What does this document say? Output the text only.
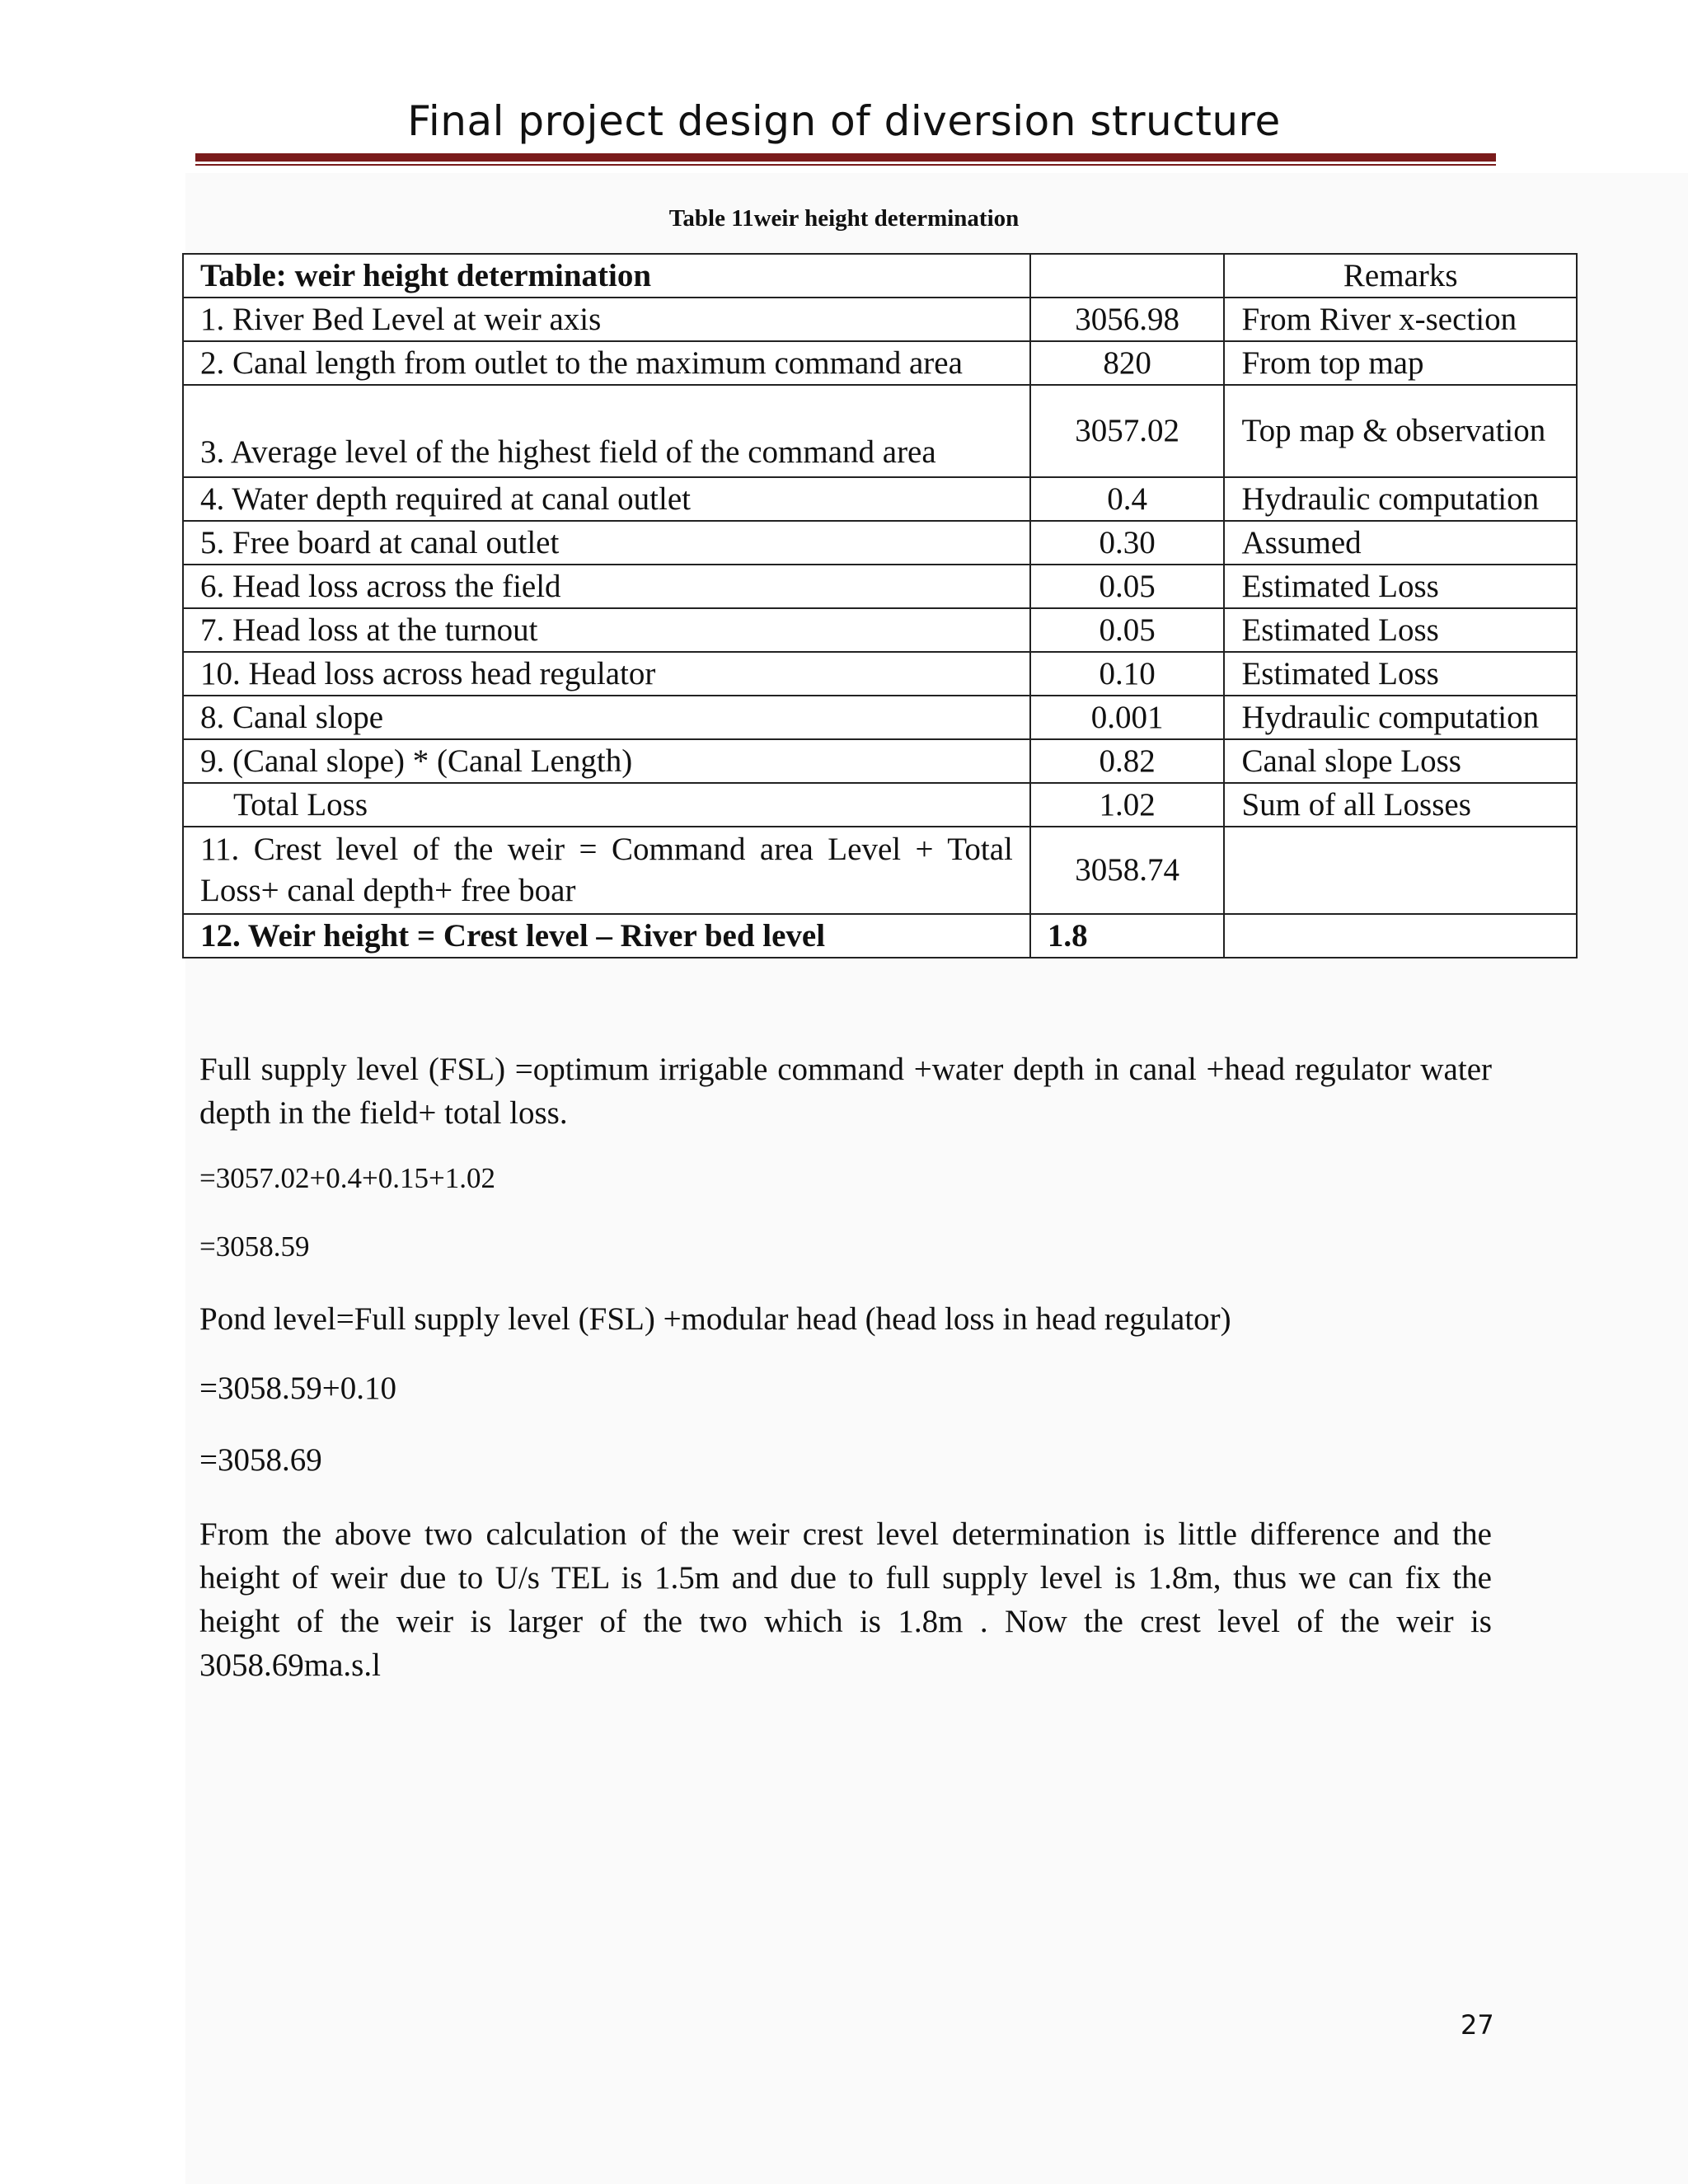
Final project design of diversion structure
Table 11weir height determination
Table: weir height determination		Remarks
1. River Bed Level at weir axis	3056.98	From River x-section
2. Canal length from outlet to the maximum command area	820	From top map
3. Average level of the highest field of the command area	3057.02	Top map & observation
4. Water depth required at canal outlet	0.4	Hydraulic computation
5. Free board at canal outlet	0.30	Assumed
6. Head loss across the field	0.05	Estimated Loss
7. Head loss at the turnout	0.05	Estimated Loss
10. Head loss across head regulator	0.10	Estimated Loss
8. Canal slope	0.001	Hydraulic computation
9. (Canal slope) * (Canal Length)	0.82	Canal slope Loss
Total Loss	1.02	Sum of all Losses
11. Crest level of the weir = Command area Level + Total Loss+ canal depth+ free boar	3058.74	
12. Weir height = Crest level – River bed level	1.8	
Full supply level (FSL) =optimum irrigable command +water depth in canal +head regulator water depth in the field+ total loss.
=3057.02+0.4+0.15+1.02
=3058.59
Pond level=Full supply level (FSL) +modular head (head loss in head regulator)
=3058.59+0.10
=3058.69
From the above two calculation of the weir crest level determination is little difference and the height of weir due to U/s TEL is 1.5m and due to full supply level is 1.8m, thus we can fix the height of the weir is larger of the two which is 1.8m . Now the crest level of the weir is 3058.69ma.s.l
27
